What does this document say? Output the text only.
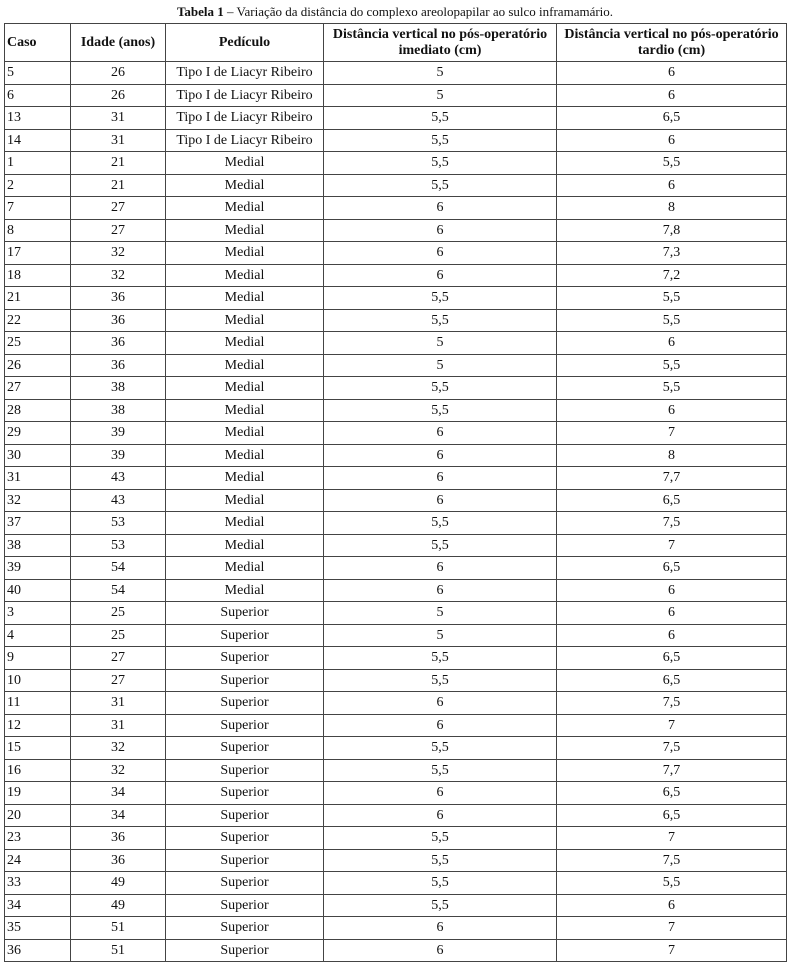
Tabela 1 – Variação da distância do complexo areolopapilar ao sulco inframamário.
Caso	Idade (anos)	Pedículo	Distância vertical no pós-operatório imediato (cm)	Distância vertical no pós-operatório tardio (cm)
5	26	Tipo I de Liacyr Ribeiro	5	6
6	26	Tipo I de Liacyr Ribeiro	5	6
13	31	Tipo I de Liacyr Ribeiro	5,5	6,5
14	31	Tipo I de Liacyr Ribeiro	5,5	6
1	21	Medial	5,5	5,5
2	21	Medial	5,5	6
7	27	Medial	6	8
8	27	Medial	6	7,8
17	32	Medial	6	7,3
18	32	Medial	6	7,2
21	36	Medial	5,5	5,5
22	36	Medial	5,5	5,5
25	36	Medial	5	6
26	36	Medial	5	5,5
27	38	Medial	5,5	5,5
28	38	Medial	5,5	6
29	39	Medial	6	7
30	39	Medial	6	8
31	43	Medial	6	7,7
32	43	Medial	6	6,5
37	53	Medial	5,5	7,5
38	53	Medial	5,5	7
39	54	Medial	6	6,5
40	54	Medial	6	6
3	25	Superior	5	6
4	25	Superior	5	6
9	27	Superior	5,5	6,5
10	27	Superior	5,5	6,5
11	31	Superior	6	7,5
12	31	Superior	6	7
15	32	Superior	5,5	7,5
16	32	Superior	5,5	7,7
19	34	Superior	6	6,5
20	34	Superior	6	6,5
23	36	Superior	5,5	7
24	36	Superior	5,5	7,5
33	49	Superior	5,5	5,5
34	49	Superior	5,5	6
35	51	Superior	6	7
36	51	Superior	6	7
